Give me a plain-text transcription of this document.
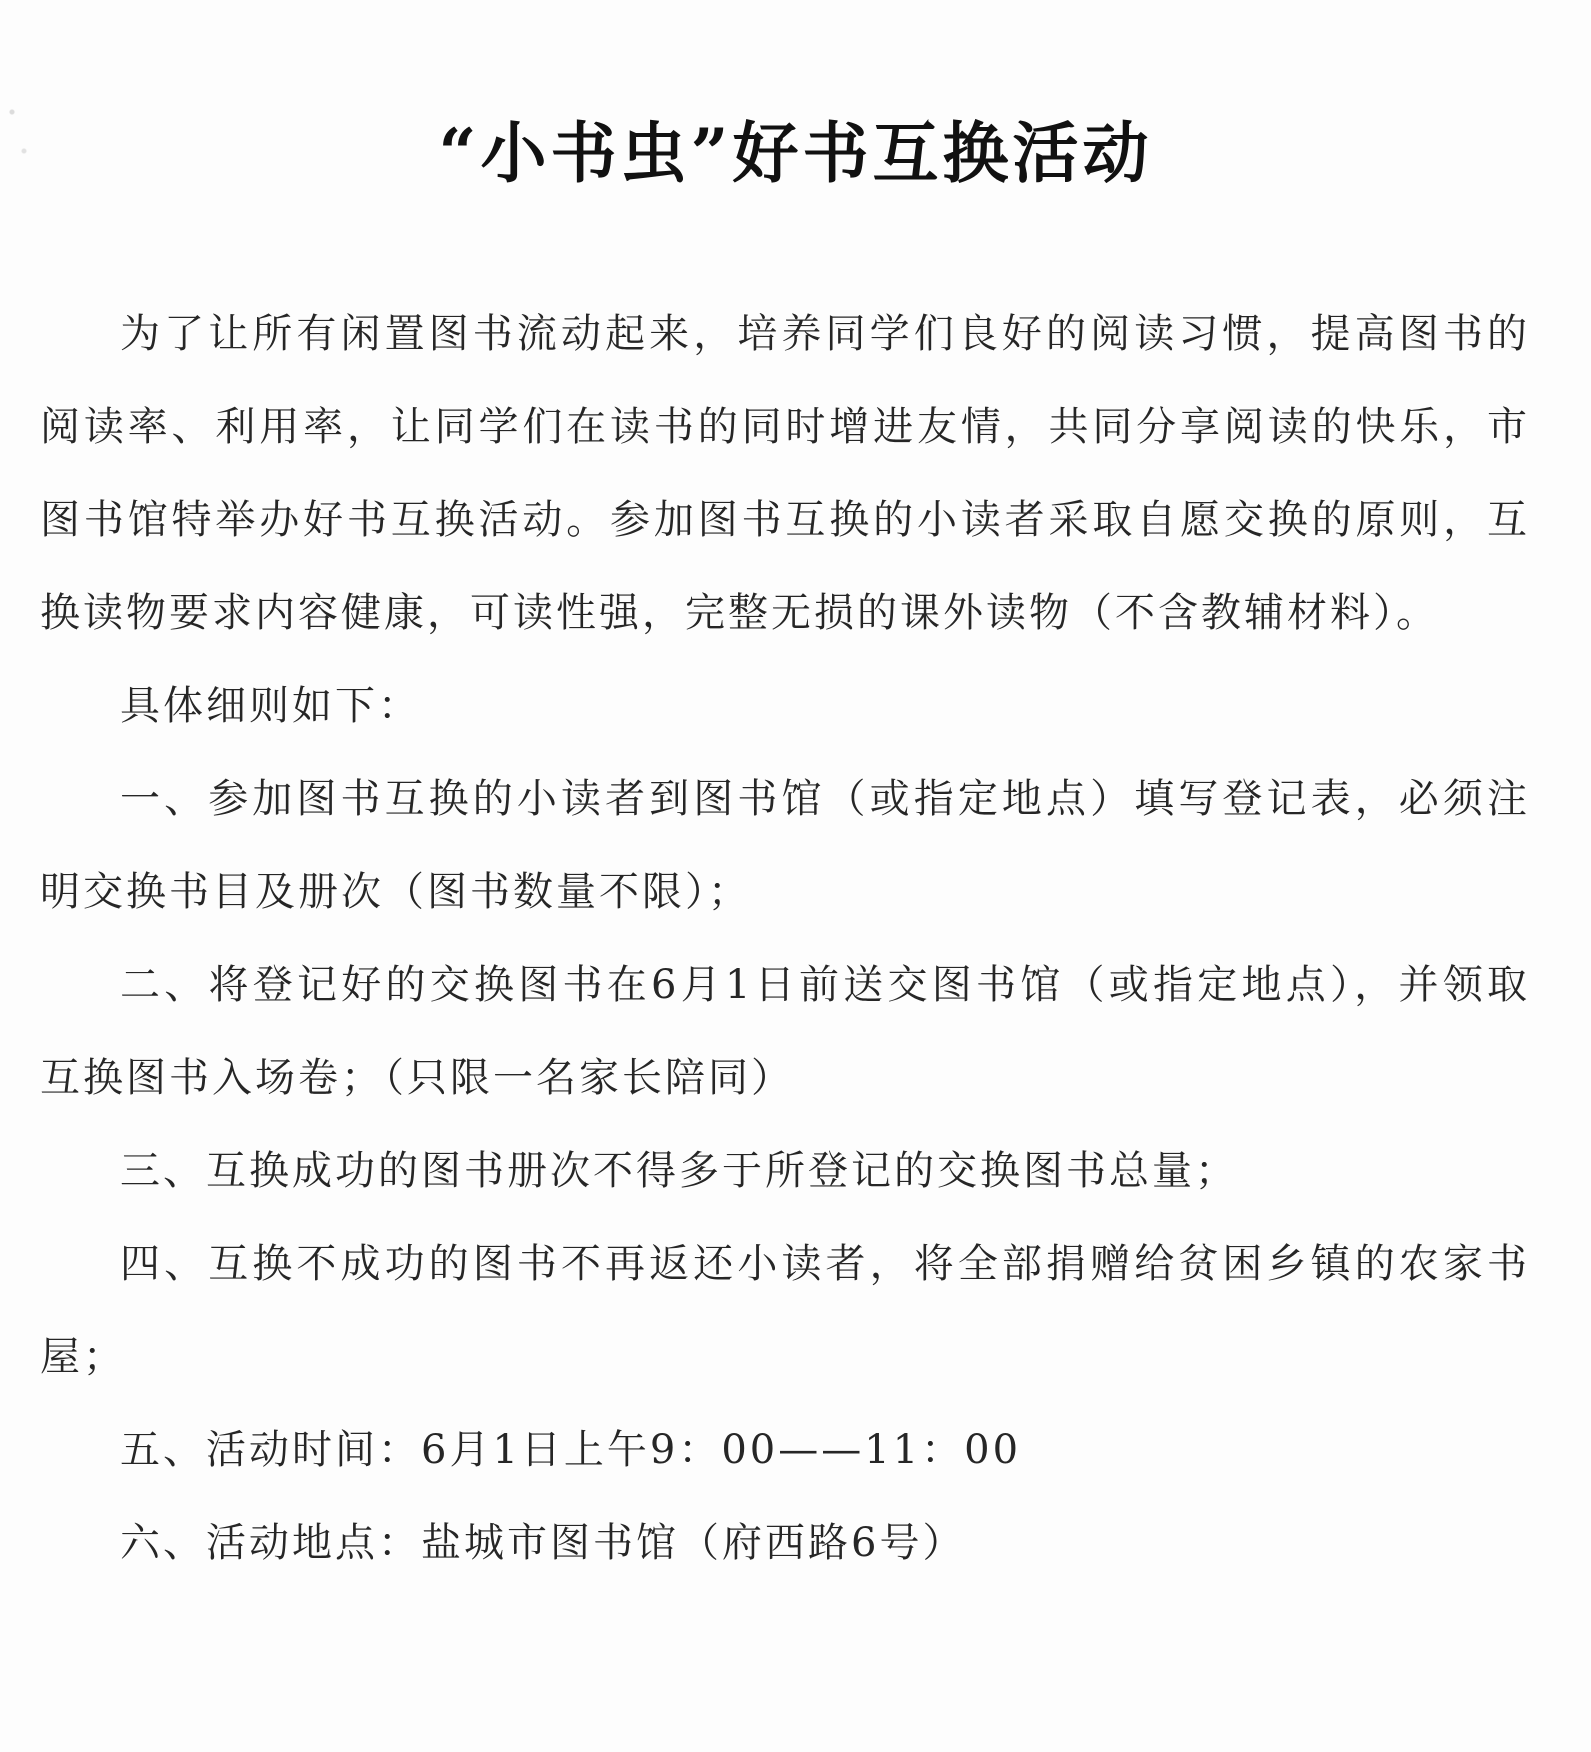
“小书虫”好书互换活动

为了让所有闲置图书流动起来，培养同学们良好的阅读习惯，提高图书的阅读率、利用率，让同学们在读书的同时增进友情，共同分享阅读的快乐，市图书馆特举办好书互换活动。参加图书互换的小读者采取自愿交换的原则，互换读物要求内容健康，可读性强，完整无损的课外读物（不含教辅材料）。

具体细则如下：

一、参加图书互换的小读者到图书馆（或指定地点）填写登记表，必须注明交换书目及册次（图书数量不限）；

二、将登记好的交换图书在6月1日前送交图书馆（或指定地点），并领取互换图书入场卷；（只限一名家长陪同）

三、互换成功的图书册次不得多于所登记的交换图书总量；

四、互换不成功的图书不再返还小读者，将全部捐赠给贫困乡镇的农家书屋；

五、活动时间：6月1日上午9：00——11：00

六、活动地点：盐城市图书馆（府西路6号）
